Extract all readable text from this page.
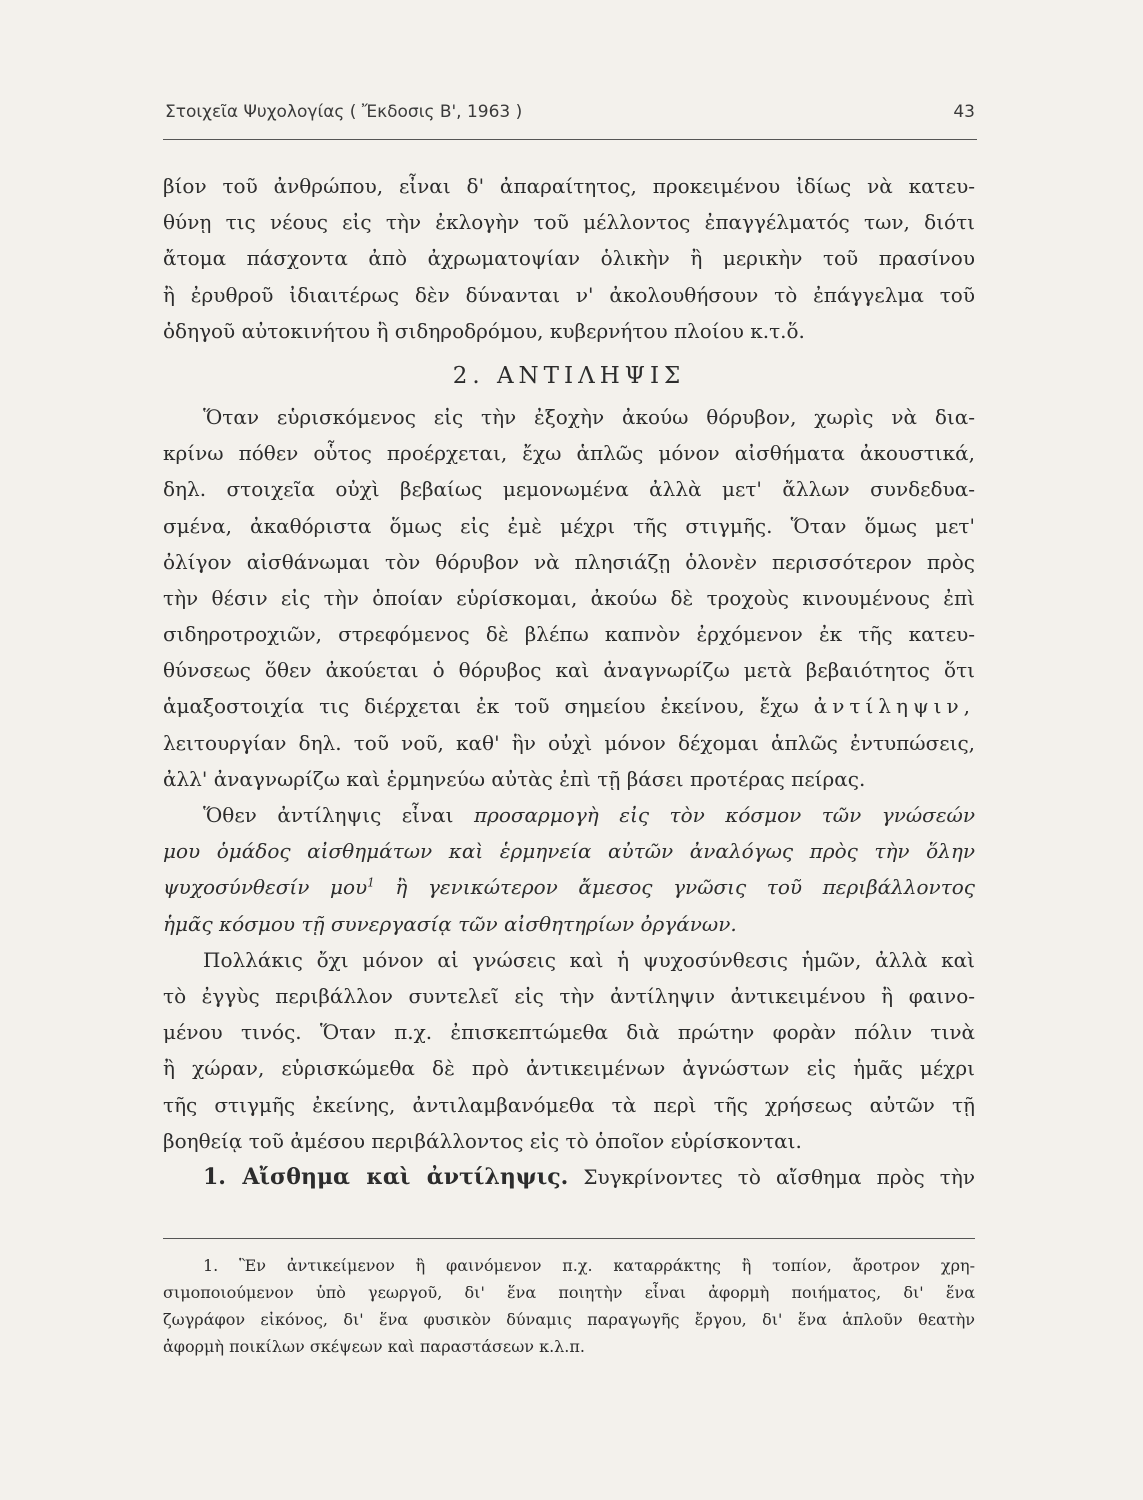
Στοιχεῖα Ψυχολογίας ( Ἔκδοσις Β', 1963 )	43

βίον τοῦ ἀνθρώπου, εἶναι δ' ἀπαραίτητος, προκειμένου ἰδίως νὰ κατευ-

θύνῃ τις νέους εἰς τὴν ἐκλογὴν τοῦ μέλλοντος ἐπαγγέλματός των, διότι

ἄτομα πάσχοντα ἀπὸ ἀχρωματοψίαν ὁλικὴν ἢ μερικὴν τοῦ πρασίνου

ἢ ἐρυθροῦ ἰδιαιτέρως δὲν δύνανται ν' ἀκολουθήσουν τὸ ἐπάγγελμα τοῦ

ὁδηγοῦ αὐτοκινήτου ἢ σιδηροδρόμου, κυβερνήτου πλοίου κ.τ.ὅ.

2. ΑΝΤΙΛΗΨΙΣ

Ὅταν εὑρισκόμενος εἰς τὴν ἐξοχὴν ἀκούω θόρυβον, χωρὶς νὰ δια-

κρίνω πόθεν οὗτος προέρχεται, ἔχω ἁπλῶς μόνον αἰσθήματα ἀκουστικά,

δηλ. στοιχεῖα οὐχὶ βεβαίως μεμονωμένα ἀλλὰ μετ' ἄλλων συνδεδυα-

σμένα, ἀκαθόριστα ὅμως εἰς ἐμὲ μέχρι τῆς στιγμῆς. Ὅταν ὅμως μετ'

ὀλίγον αἰσθάνωμαι τὸν θόρυβον νὰ πλησιάζῃ ὁλονὲν περισσότερον πρὸς

τὴν θέσιν εἰς τὴν ὁποίαν εὑρίσκομαι, ἀκούω δὲ τροχοὺς κινουμένους ἐπὶ

σιδηροτροχιῶν, στρεφόμενος δὲ βλέπω καπνὸν ἐρχόμενον ἐκ τῆς κατευ-

θύνσεως ὅθεν ἀκούεται ὁ θόρυβος καὶ ἀναγνωρίζω μετὰ βεβαιότητος ὅτι

ἁμαξοστοιχία τις διέρχεται ἐκ τοῦ σημείου ἐκείνου, ἔχω ἀντίληψιν,

λειτουργίαν δηλ. τοῦ νοῦ, καθ' ἣν οὐχὶ μόνον δέχομαι ἁπλῶς ἐντυπώσεις,

ἀλλ' ἀναγνωρίζω καὶ ἑρμηνεύω αὐτὰς ἐπὶ τῇ βάσει προτέρας πείρας.

Ὅθεν ἀντίληψις εἶναι προσαρμογὴ εἰς τὸν κόσμον τῶν γνώσεών

μου ὁμάδος αἰσθημάτων καὶ ἑρμηνεία αὐτῶν ἀναλόγως πρὸς τὴν ὅλην

ψυχοσύνθεσίν μου$^1$ ἢ γενικώτερον ἄμεσος γνῶσις τοῦ περιβάλλοντος

ἡμᾶς κόσμου τῇ συνεργασίᾳ τῶν αἰσθητηρίων ὀργάνων.

Πολλάκις ὄχι μόνον αἱ γνώσεις καὶ ἡ ψυχοσύνθεσις ἡμῶν, ἀλλὰ καὶ

τὸ ἐγγὺς περιβάλλον συντελεῖ εἰς τὴν ἀντίληψιν ἀντικειμένου ἢ φαινο-

μένου τινός. Ὅταν π.χ. ἐπισκεπτώμεθα διὰ πρώτην φορὰν πόλιν τινὰ

ἢ χώραν, εὑρισκώμεθα δὲ πρὸ ἀντικειμένων ἀγνώστων εἰς ἡμᾶς μέχρι

τῆς στιγμῆς ἐκείνης, ἀντιλαμβανόμεθα τὰ περὶ τῆς χρήσεως αὐτῶν τῇ

βοηθείᾳ τοῦ ἀμέσου περιβάλλοντος εἰς τὸ ὁποῖον εὑρίσκονται.

1. Αἴσθημα καὶ ἀντίληψις. Συγκρίνοντες τὸ αἴσθημα πρὸς τὴν

1. Ἓν ἀντικείμενον ἢ φαινόμενον π.χ. καταρράκτης ἢ τοπίον, ἄροτρον χρη-

σιμοποιούμενον ὑπὸ γεωργοῦ, δι' ἕνα ποιητὴν εἶναι ἀφορμὴ ποιήματος, δι' ἕνα

ζωγράφον εἰκόνος, δι' ἕνα φυσικὸν δύναμις παραγωγῆς ἔργου, δι' ἕνα ἁπλοῦν θεατὴν

ἀφορμὴ ποικίλων σκέψεων καὶ παραστάσεων κ.λ.π.
